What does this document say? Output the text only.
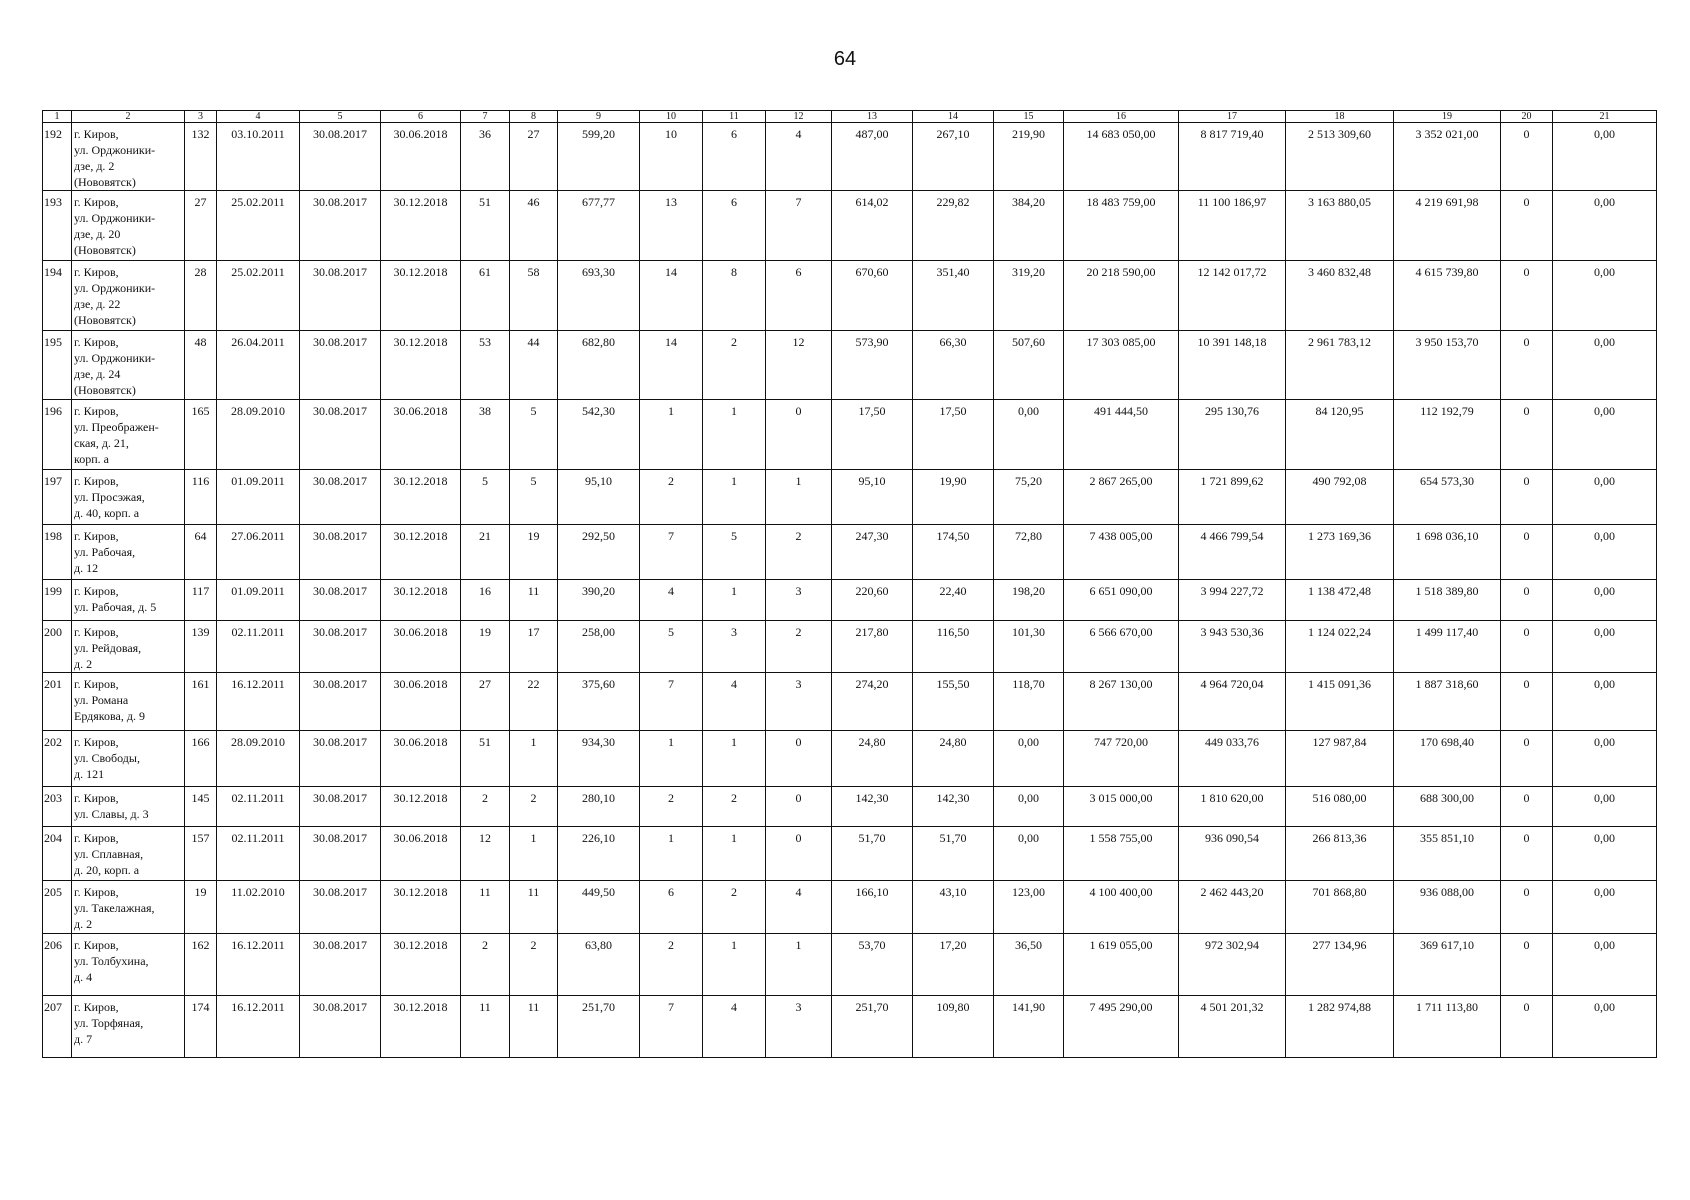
64
1	2	3	4	5	6	7	8	9	10	11	12	13	14	15	16	17	18	19	20	21
192	г. Киров,
ул. Орджоники-
дзе, д. 2
(Нововятск)	132	03.10.2011	30.08.2017	30.06.2018	36	27	599,20	10	6	4	487,00	267,10	219,90	14 683 050,00	8 817 719,40	2 513 309,60	3 352 021,00	0	0,00
193	г. Киров,
ул. Орджоники-
дзе, д. 20
(Нововятск)	27	25.02.2011	30.08.2017	30.12.2018	51	46	677,77	13	6	7	614,02	229,82	384,20	18 483 759,00	11 100 186,97	3 163 880,05	4 219 691,98	0	0,00
194	г. Киров,
ул. Орджоники-
дзе, д. 22
(Нововятск)	28	25.02.2011	30.08.2017	30.12.2018	61	58	693,30	14	8	6	670,60	351,40	319,20	20 218 590,00	12 142 017,72	3 460 832,48	4 615 739,80	0	0,00
195	г. Киров,
ул. Орджоники-
дзе, д. 24
(Нововятск)	48	26.04.2011	30.08.2017	30.12.2018	53	44	682,80	14	2	12	573,90	66,30	507,60	17 303 085,00	10 391 148,18	2 961 783,12	3 950 153,70	0	0,00
196	г. Киров,
ул. Преображен-
ская, д. 21,
корп. а	165	28.09.2010	30.08.2017	30.06.2018	38	5	542,30	1	1	0	17,50	17,50	0,00	491 444,50	295 130,76	84 120,95	112 192,79	0	0,00
197	г. Киров,
ул. Просэжая,
д. 40, корп. а	116	01.09.2011	30.08.2017	30.12.2018	5	5	95,10	2	1	1	95,10	19,90	75,20	2 867 265,00	1 721 899,62	490 792,08	654 573,30	0	0,00
198	г. Киров,
ул. Рабочая,
д. 12	64	27.06.2011	30.08.2017	30.12.2018	21	19	292,50	7	5	2	247,30	174,50	72,80	7 438 005,00	4 466 799,54	1 273 169,36	1 698 036,10	0	0,00
199	г. Киров,
ул. Рабочая, д. 5	117	01.09.2011	30.08.2017	30.12.2018	16	11	390,20	4	1	3	220,60	22,40	198,20	6 651 090,00	3 994 227,72	1 138 472,48	1 518 389,80	0	0,00
200	г. Киров,
ул. Рейдовая,
д. 2	139	02.11.2011	30.08.2017	30.06.2018	19	17	258,00	5	3	2	217,80	116,50	101,30	6 566 670,00	3 943 530,36	1 124 022,24	1 499 117,40	0	0,00
201	г. Киров,
ул. Романа
Ердякова, д. 9	161	16.12.2011	30.08.2017	30.06.2018	27	22	375,60	7	4	3	274,20	155,50	118,70	8 267 130,00	4 964 720,04	1 415 091,36	1 887 318,60	0	0,00
202	г. Киров,
ул. Свободы,
д. 121	166	28.09.2010	30.08.2017	30.06.2018	51	1	934,30	1	1	0	24,80	24,80	0,00	747 720,00	449 033,76	127 987,84	170 698,40	0	0,00
203	г. Киров,
ул. Славы, д. 3	145	02.11.2011	30.08.2017	30.12.2018	2	2	280,10	2	2	0	142,30	142,30	0,00	3 015 000,00	1 810 620,00	516 080,00	688 300,00	0	0,00
204	г. Киров,
ул. Сплавная,
д. 20, корп. а	157	02.11.2011	30.08.2017	30.06.2018	12	1	226,10	1	1	0	51,70	51,70	0,00	1 558 755,00	936 090,54	266 813,36	355 851,10	0	0,00
205	г. Киров,
ул. Такелажная,
д. 2	19	11.02.2010	30.08.2017	30.12.2018	11	11	449,50	6	2	4	166,10	43,10	123,00	4 100 400,00	2 462 443,20	701 868,80	936 088,00	0	0,00
206	г. Киров,
ул. Толбухина,
д. 4	162	16.12.2011	30.08.2017	30.12.2018	2	2	63,80	2	1	1	53,70	17,20	36,50	1 619 055,00	972 302,94	277 134,96	369 617,10	0	0,00
207	г. Киров,
ул. Торфяная,
д. 7	174	16.12.2011	30.08.2017	30.12.2018	11	11	251,70	7	4	3	251,70	109,80	141,90	7 495 290,00	4 501 201,32	1 282 974,88	1 711 113,80	0	0,00
